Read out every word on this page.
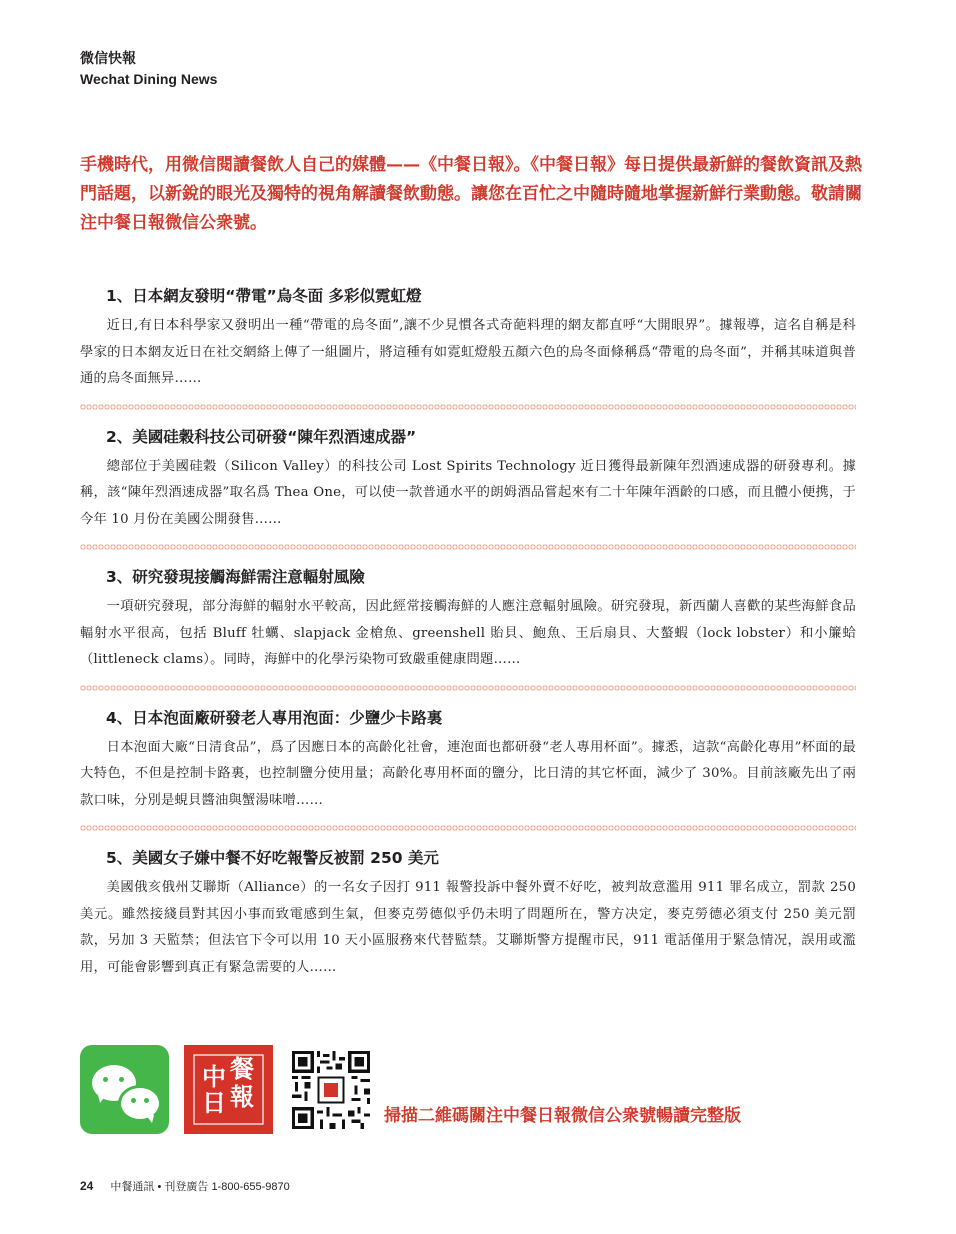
微信快報
Wechat Dining News
手機時代，用微信閱讀餐飲人自己的媒體——《中餐日報》。《中餐日報》每日提供最新鮮的餐飲資訊及熱門話題，以新銳的眼光及獨特的視角解讀餐飲動態。讓您在百忙之中隨時隨地掌握新鮮行業動態。敬請關注中餐日報微信公衆號。
1、日本網友發明“帶電”烏冬面 多彩似霓虹燈

近日,有日本科學家又發明出一種“帶電的烏冬面”,讓不少見慣各式奇葩料理的網友都直呼“大開眼界”。據報導，這名自稱是科學家的日本網友近日在社交網絡上傳了一組圖片，將這種有如霓虹燈般五顏六色的烏冬面條稱爲“帶電的烏冬面”，并稱其味道與普通的烏冬面無异……

2、美國硅穀科技公司研發“陳年烈酒速成器”

總部位于美國硅穀（Silicon Valley）的科技公司 Lost Spirits Technology 近日獲得最新陳年烈酒速成器的研發專利。據稱，該“陳年烈酒速成器”取名爲 Thea One，可以使一款普通水平的朗姆酒品嘗起來有二十年陳年酒齡的口感，而且體小便携，于今年 10 月份在美國公開發售……

3、研究發現接觸海鮮需注意輻射風險

一項研究發現，部分海鮮的輻射水平較高，因此經常接觸海鮮的人應注意輻射風險。研究發現，新西蘭人喜歡的某些海鮮食品輻射水平很高，包括 Bluff 牡蠣、slapjack 金槍魚、greenshell 貽貝、鮑魚、王后扇貝、大螯蝦（lock lobster）和小簾蛤（littleneck clams）。同時，海鮮中的化學污染物可致嚴重健康問題……

4、日本泡面廠研發老人專用泡面：少鹽少卡路裏

日本泡面大廠“日清食品”，爲了因應日本的高齡化社會，連泡面也都研發“老人專用杯面”。據悉，這款“高齡化專用”杯面的最大特色，不但是控制卡路裏，也控制鹽分使用量；高齡化專用杯面的鹽分，比日清的其它杯面，減少了 30%。目前該廠先出了兩款口味，分別是蜆貝醬油與蟹湯味噌……

5、美國女子嫌中餐不好吃報警反被罰 250 美元

美國俄亥俄州艾聯斯（Alliance）的一名女子因打 911 報警投訴中餐外賣不好吃，被判故意濫用 911 罪名成立，罰款 250 美元。雖然接綫員對其因小事而致電感到生氣，但麥克勞德似乎仍未明了問題所在，警方决定，麥克勞德必須支付 250 美元罰款，另加 3 天監禁；但法官下令可以用 10 天小區服務來代替監禁。艾聯斯警方提醒市民，911 電話僅用于緊急情况，誤用或濫用，可能會影響到真正有緊急需要的人……

中 餐
日 報
掃描二維碼關注中餐日報微信公衆號暢讀完整版
24 中餐通訊 • 刊登廣告 1-800-655-9870
